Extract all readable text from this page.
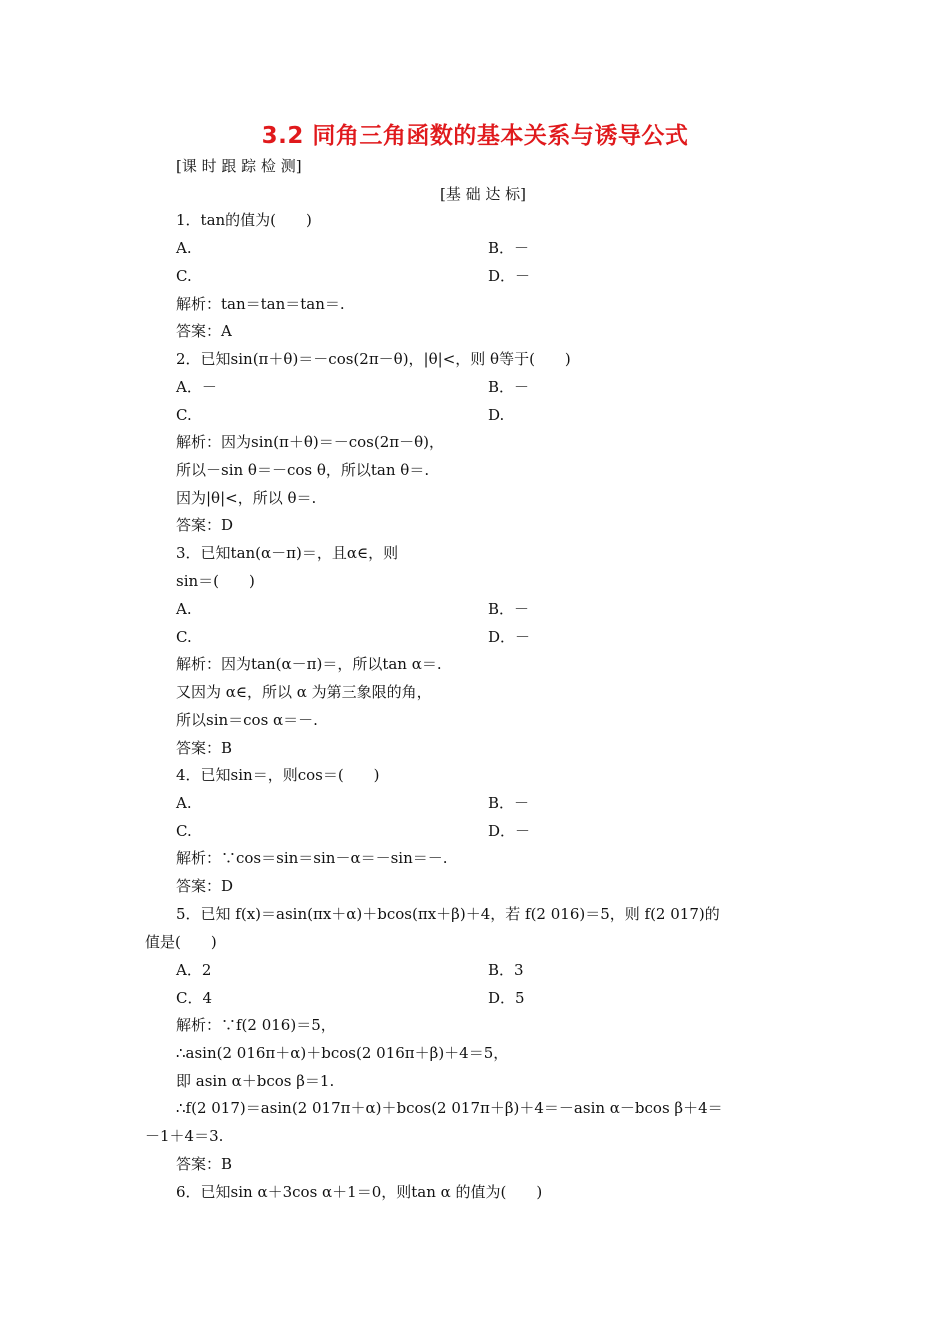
3.2 同角三角函数的基本关系与诱导公式
[课 时 跟 踪 检 测]
[基 础 达 标]
1．tan的值为(　　)
A.	B．－
C.	D．－
解析：tan＝tan＝tan＝.
答案：A
2．已知sin(π＋θ)＝－cos(2π－θ)，|θ|<，则 θ等于(　　)
A．－	B．－
C.	D.
解析：因为sin(π＋θ)＝－cos(2π－θ)，
所以－sin θ＝－cos θ，所以tan θ＝.
因为|θ|<，所以 θ＝.
答案：D
3．已知tan(α－π)＝，且α∈，则
sin＝(　　)
A.	B．－
C.	D．－
解析：因为tan(α－π)＝，所以tan α＝.
又因为 α∈，所以 α 为第三象限的角，
所以sin＝cos α＝－.
答案：B
4．已知sin＝，则cos＝(　　)
A.	B．－
C.	D．－
解析：∵cos＝sin＝sin－α＝－sin＝－.
答案：D
5．已知 f(x)＝asin(πx＋α)＋bcos(πx＋β)＋4，若 f(2 016)＝5，则 f(2 017)的
值是(　　)
A．2	B．3
C．4	D．5
解析：∵f(2 016)＝5，
∴asin(2 016π＋α)＋bcos(2 016π＋β)＋4＝5，
即 asin α＋bcos β＝1.
∴f(2 017)＝asin(2 017π＋α)＋bcos(2 017π＋β)＋4＝－asin α－bcos β＋4＝
－1＋4＝3.
答案：B
6．已知sin α＋3cos α＋1＝0，则tan α 的值为(　　)
